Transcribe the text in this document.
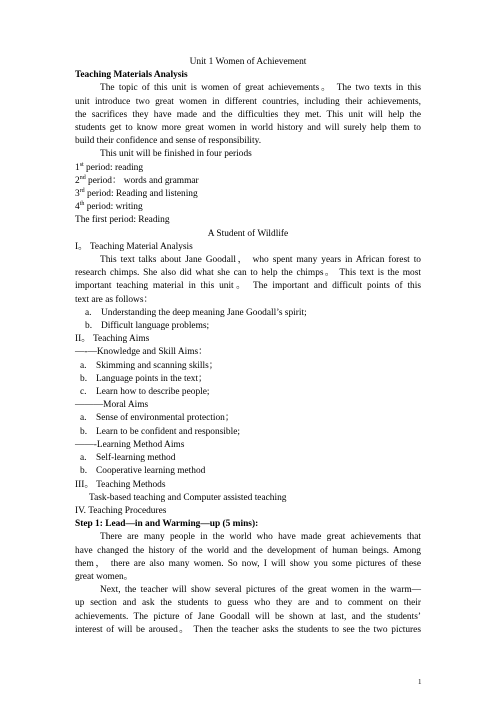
Unit 1 Women of Achievement
Teaching Materials Analysis
The topic of this unit is women of great achievements。 The two texts in this
unit introduce two great women in different countries, including their achievements,
the sacrifices they have made and the difficulties they met. This unit will help the
students get to know more great women in world history and will surely help them to
build their confidence and sense of responsibility.
This unit will be finished in four periods
1st period: reading
2nd period： words and grammar
3rd period: Reading and listening
4th period: writing
The first period: Reading
A Student of Wildlife
I。 Teaching Material Analysis
This text talks about Jane Goodall， who spent many years in African forest to
research chimps. She also did what she can to help the chimps。 This text is the most
important teaching material in this unit。 The important and difficult points of this
text are as follows：
a.	Understanding the deep meaning Jane Goodall’s spirit;
b. Difficult language problems;
II。 Teaching Aims
—-—Knowledge and Skill Aims：
a.	Skimming and scanning skills；
b. Language points in the text；
c.	Learn how to describe people;
———Moral Aims
a.	Sense of environmental protection；
b. Learn to be confident and responsible;
——-Learning Method Aims
a.	Self-learning method
b. Cooperative learning method
III。 Teaching Methods
Task-based teaching and Computer assisted teaching
IV. Teaching Procedures
Step 1: Lead—in and Warming—up (5 mins):
There are many people in the world who have made great achievements that
have changed the history of the world and the development of human beings. Among
them， there are also many women. So now, I will show you some pictures of these
great women。
Next, the teacher will show several pictures of the great women in the warm—
up section and ask the students to guess who they are and to comment on their
achievements. The picture of Jane Goodall will be shown at last, and the students’
interest of will be aroused。 Then the teacher asks the students to see the two pictures
1
